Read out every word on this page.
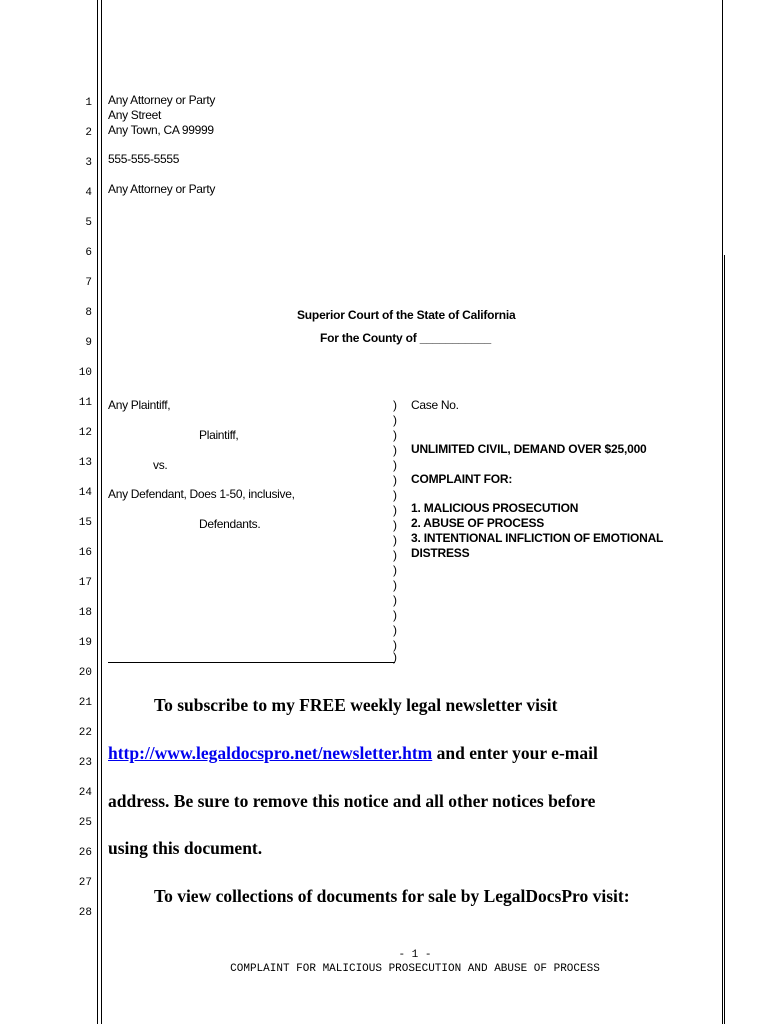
1
2
3
4
5
6
7
8
9
10
11
12
13
14
15
16
17
18
19
20
21
22
23
24
25
26
27
28
Any Attorney or Party
Any Street
Any Town, CA 99999
555-555-5555
Any Attorney or Party
Superior Court of the State of California
For the County of ___________
Any Plaintiff,
Plaintiff,
vs.
Any Defendant, Does 1-50, inclusive,
Defendants.
)
)
)
)
)
)
)
)
)
)
)
)
)
)
)
)
)
)
Case No.
UNLIMITED CIVIL, DEMAND OVER $25,000
COMPLAINT FOR:
1. MALICIOUS PROSECUTION
2. ABUSE OF PROCESS
3. INTENTIONAL INFLICTION OF EMOTIONAL
DISTRESS
To subscribe to my FREE weekly legal newsletter visit
http://www.legaldocspro.net/newsletter.htm and enter your e-mail
address. Be sure to remove this notice and all other notices before
using this document.
To view collections of documents for sale by LegalDocsPro visit:
- 1 -
COMPLAINT FOR MALICIOUS PROSECUTION AND ABUSE OF PROCESS
